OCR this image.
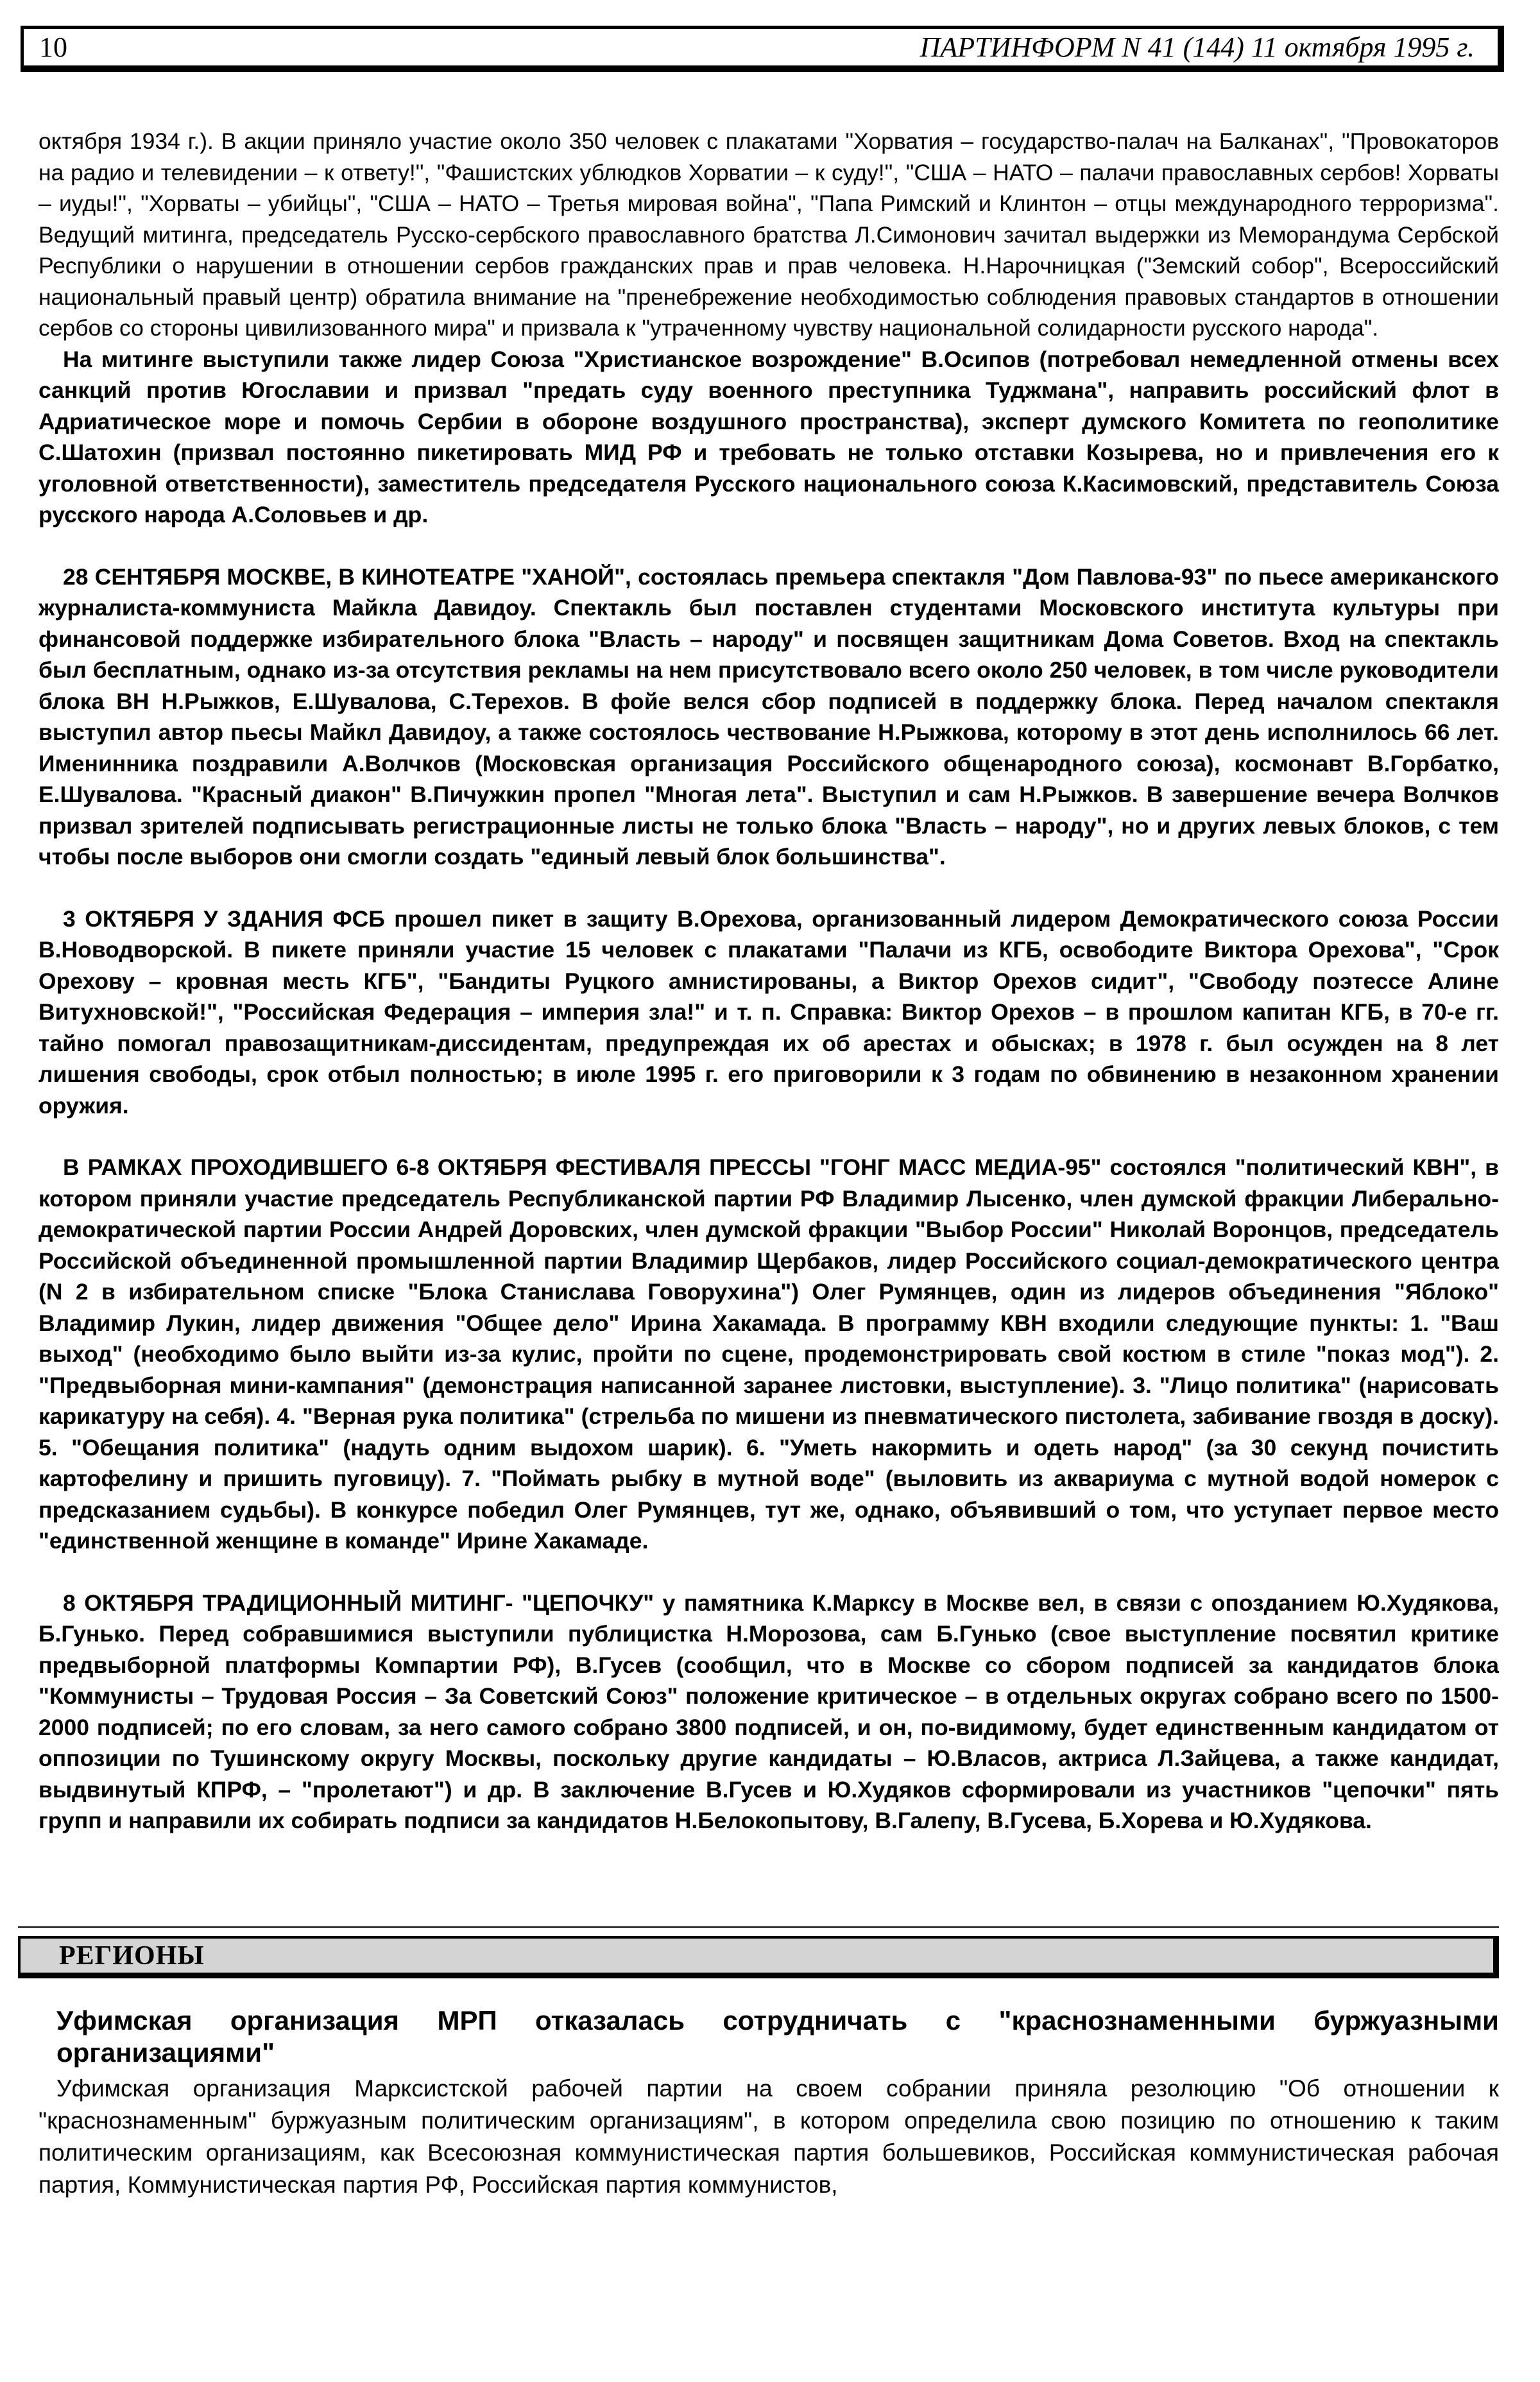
10	ПАРТИНФОРМ N 41 (144) 11 октября 1995 г.

октября 1934 г.). В акции приняло участие около 350 человек с плакатами "Хорватия – государство-палач на Балканах", "Провокаторов на радио и телевидении – к ответу!", "Фашистских ублюдков Хорватии – к суду!", "США – НАТО – палачи православных сербов! Хорваты – иуды!", "Хорваты – убийцы", "США – НАТО – Третья мировая война", "Папа Римский и Клинтон – отцы международного терроризма". Ведущий митинга, председатель Русско-сербского православного братства Л.Симонович зачитал выдержки из Меморандума Сербской Республики о нарушении в отношении сербов гражданских прав и прав человека. Н.Нарочницкая ("Земский собор", Всероссийский национальный правый центр) обратила внимание на "пренебрежение необходимостью соблюдения правовых стандартов в отношении сербов со стороны цивилизованного мира" и призвала к "утраченному чувству национальной солидарности русского народа".

На митинге выступили также лидер Союза "Христианское возрождение" В.Осипов (потребовал немедленной отмены всех санкций против Югославии и призвал "предать суду военного преступника Туджмана", направить российский флот в Адриатическое море и помочь Сербии в обороне воздушного пространства), эксперт думского Комитета по геополитике С.Шатохин (призвал постоянно пикетировать МИД РФ и требовать не только отставки Козырева, но и привлечения его к уголовной ответственности), заместитель председателя Русского национального союза К.Касимовский, представитель Союза русского народа А.Соловьев и др.

28 СЕНТЯБРЯ МОСКВЕ, В КИНОТЕАТРЕ "ХАНОЙ", состоялась премьера спектакля "Дом Павлова-93" по пьесе американского журналиста-коммуниста Майкла Давидоу. Спектакль был поставлен студентами Московского института культуры при финансовой поддержке избирательного блока "Власть – народу" и посвящен защитникам Дома Советов. Вход на спектакль был бесплатным, однако из-за отсутствия рекламы на нем присутствовало всего около 250 человек, в том числе руководители блока ВН Н.Рыжков, Е.Шувалова, С.Терехов. В фойе велся сбор подписей в поддержку блока. Перед началом спектакля выступил автор пьесы Майкл Давидоу, а также состоялось чествование Н.Рыжкова, которому в этот день исполнилось 66 лет. Именинника поздравили А.Волчков (Московская организация Российского общенародного союза), космонавт В.Горбатко, Е.Шувалова. "Красный диакон" В.Пичужкин пропел "Многая лета". Выступил и сам Н.Рыжков. В завершение вечера Волчков призвал зрителей подписывать регистрационные листы не только блока "Власть – народу", но и других левых блоков, с тем чтобы после выборов они смогли создать "единый левый блок большинства".

3 ОКТЯБРЯ У ЗДАНИЯ ФСБ прошел пикет в защиту В.Орехова, организованный лидером Демократического союза России В.Новодворской. В пикете приняли участие 15 человек с плакатами "Палачи из КГБ, освободите Виктора Орехова", "Срок Орехову – кровная месть КГБ", "Бандиты Руцкого амнистированы, а Виктор Орехов сидит", "Свободу поэтессе Алине Витухновской!", "Российская Федерация – империя зла!" и т. п. Справка: Виктор Орехов – в прошлом капитан КГБ, в 70-е гг. тайно помогал правозащитникам-диссидентам, предупреждая их об арестах и обысках; в 1978 г. был осужден на 8 лет лишения свободы, срок отбыл полностью; в июле 1995 г. его приговорили к 3 годам по обвинению в незаконном хранении оружия.

В РАМКАХ ПРОХОДИВШЕГО 6-8 ОКТЯБРЯ ФЕСТИВАЛЯ ПРЕССЫ "ГОНГ МАСС МЕДИА-95" состоялся "политический КВН", в котором приняли участие председатель Республиканской партии РФ Владимир Лысенко, член думской фракции Либерально-демократической партии России Андрей Доровских, член думской фракции "Выбор России" Николай Воронцов, председатель Российской объединенной промышленной партии Владимир Щербаков, лидер Российского социал-демократического центра (N 2 в избирательном списке "Блока Станислава Говорухина") Олег Румянцев, один из лидеров объединения "Яблоко" Владимир Лукин, лидер движения "Общее дело" Ирина Хакамада. В программу КВН входили следующие пункты: 1. "Ваш выход" (необходимо было выйти из-за кулис, пройти по сцене, продемонстрировать свой костюм в стиле "показ мод"). 2. "Предвыборная мини-кампания" (демонстрация написанной заранее листовки, выступление). 3. "Лицо политика" (нарисовать карикатуру на себя). 4. "Верная рука политика" (стрельба по мишени из пневматического пистолета, забивание гвоздя в доску). 5. "Обещания политика" (надуть одним выдохом шарик). 6. "Уметь накормить и одеть народ" (за 30 секунд почистить картофелину и пришить пуговицу). 7. "Поймать рыбку в мутной воде" (выловить из аквариума с мутной водой номерок с предсказанием судьбы). В конкурсе победил Олег Румянцев, тут же, однако, объявивший о том, что уступает первое место "единственной женщине в команде" Ирине Хакамаде.

8 ОКТЯБРЯ ТРАДИЦИОННЫЙ МИТИНГ- "ЦЕПОЧКУ" у памятника К.Марксу в Москве вел, в связи с опозданием Ю.Худякова, Б.Гунько. Перед собравшимися выступили публицистка Н.Морозова, сам Б.Гунько (свое выступление посвятил критике предвыборной платформы Компартии РФ), В.Гусев (сообщил, что в Москве со сбором подписей за кандидатов блока "Коммунисты – Трудовая Россия – За Советский Союз" положение критическое – в отдельных округах собрано всего по 1500-2000 подписей; по его словам, за него самого собрано 3800 подписей, и он, по-видимому, будет единственным кандидатом от оппозиции по Тушинскому округу Москвы, поскольку другие кандидаты – Ю.Власов, актриса Л.Зайцева, а также кандидат, выдвинутый КПРФ, – "пролетают") и др. В заключение В.Гусев и Ю.Худяков сформировали из участников "цепочки" пять групп и направили их собирать подписи за кандидатов Н.Белокопытову, В.Галепу, В.Гусева, Б.Хорева и Ю.Худякова.

РЕГИОНЫ
Уфимская организация МРП отказалась сотрудничать с "краснознаменными буржуазными организациями"

Уфимская организация Марксистской рабочей партии на своем собрании приняла резолюцию "Об отношении к "краснознаменным" буржуазным политическим организациям", в котором определила свою позицию по отношению к таким политическим организациям, как Всесоюзная коммунистическая партия большевиков, Российская коммунистическая рабочая партия, Коммунистическая партия РФ, Российская партия коммунистов,
